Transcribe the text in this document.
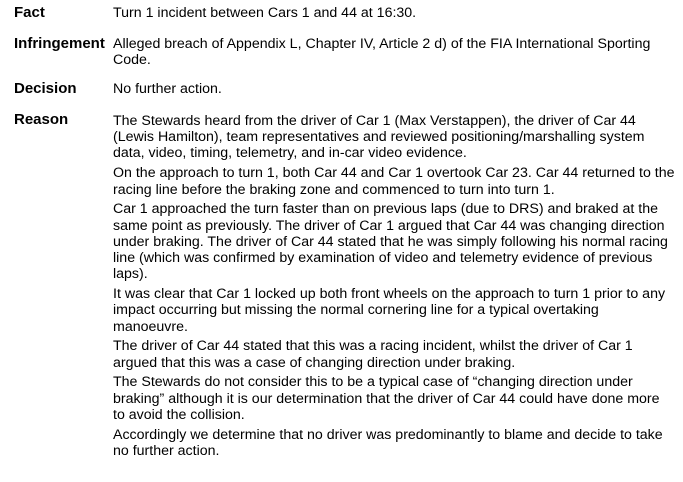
Fact	Turn 1 incident between Cars 1 and 44 at 16:30.
Infringement Alleged breach of Appendix L, Chapter IV, Article 2 d) of the FIA International Sporting Code.
Decision	No further action.
Reason	The Stewards heard from the driver of Car 1 (Max Verstappen), the driver of Car 44 (Lewis Hamilton), team representatives and reviewed positioning/marshalling system data, video, timing, telemetry, and in-car video evidence.

On the approach to turn 1, both Car 44 and Car 1 overtook Car 23. Car 44 returned to the racing line before the braking zone and commenced to turn into turn 1.

Car 1 approached the turn faster than on previous laps (due to DRS) and braked at the same point as previously. The driver of Car 1 argued that Car 44 was changing direction under braking. The driver of Car 44 stated that he was simply following his normal racing line (which was confirmed by examination of video and telemetry evidence of previous laps).

It was clear that Car 1 locked up both front wheels on the approach to turn 1 prior to any impact occurring but missing the normal cornering line for a typical overtaking manoeuvre.

The driver of Car 44 stated that this was a racing incident, whilst the driver of Car 1 argued that this was a case of changing direction under braking.

The Stewards do not consider this to be a typical case of “changing direction under braking” although it is our determination that the driver of Car 44 could have done more to avoid the collision.

Accordingly we determine that no driver was predominantly to blame and decide to take no further action.
